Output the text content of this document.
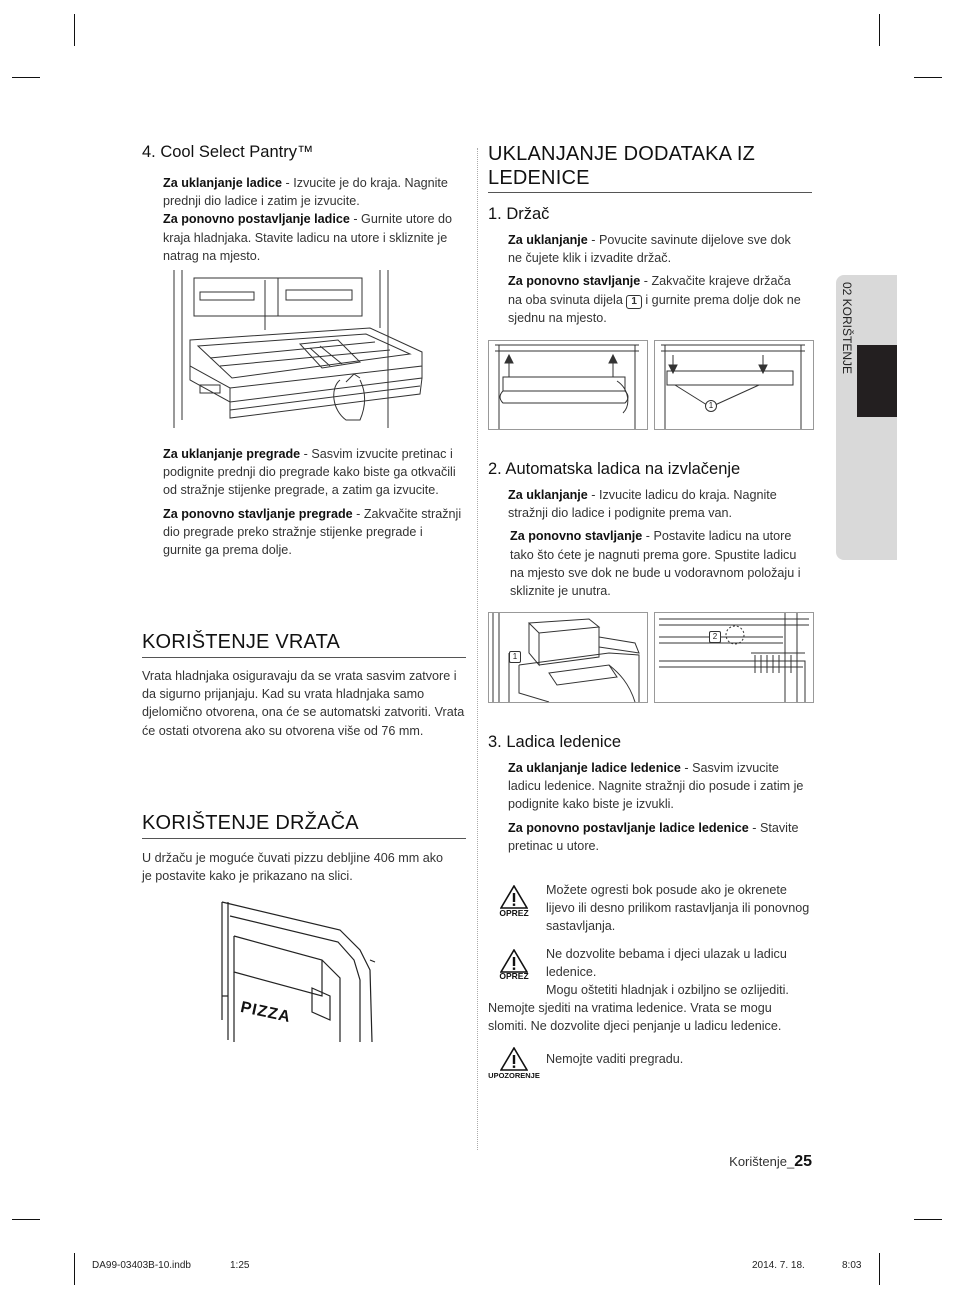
02 KORIŠTENJE
4. Cool Select Pantry™

Za uklanjanje ladice - Izvucite je do kraja. Nagnite prednji dio ladice i zatim je izvucite.

Za ponovno postavljanje ladice - Gurnite utore do kraja hladnjaka. Stavite ladicu na utore i skliznite je natrag na mjesto.

Za uklanjanje pregrade - Sasvim izvucite pretinac i podignite prednji dio pregrade kako biste ga otkvačili od stražnje stijenke pregrade, a zatim ga izvucite.

Za ponovno stavljanje pregrade - Zakvačite stražnji dio pregrade preko stražnje stijenke pregrade i gurnite ga prema dolje.

KORIŠTENJE VRATA

Vrata hladnjaka osiguravaju da se vrata sasvim zatvore i da sigurno prijanjaju. Kad su vrata hladnjaka samo djelomično otvorena, ona će se automatski zatvoriti. Vrata će ostati otvorena ako su otvorena više od 76 mm.

KORIŠTENJE DRŽAČA

U držaču je moguće čuvati pizzu debljine 406 mm ako je postavite kako je prikazano na slici.

PIZZA
UKLANJANJE DODATAKA IZ
LEDENICE
1. Držač

Za uklanjanje - Povucite savinute dijelove sve dok ne čujete klik i izvadite držač.

Za ponovno stavljanje - Zakvačite krajeve držača na oba svinuta dijela 1 i gurnite prema dolje dok ne sjednu na mjesto.

1
2. Automatska ladica na izvlačenje

Za uklanjanje - Izvucite ladicu do kraja. Nagnite stražnji dio ladice i podignite prema van.

Za ponovno stavljanje - Postavite ladicu na utore tako što ćete je nagnuti prema gore. Spustite ladicu na mjesto sve dok ne bude u vodoravnom položaju i skliznite je unutra.

1
2
3. Ladica ledenice

Za uklanjanje ladice ledenice - Sasvim izvucite ladicu ledenice. Nagnite stražnji dio posude i zatim je podignite kako biste je izvukli.

Za ponovno postavljanje ladice ledenice - Stavite pretinac u utore.

OPREZ

Možete ogresti bok posude ako je okrenete lijevo ili desno prilikom rastavljanja ili ponovnog sastavljanja.

OPREZ

Ne dozvolite bebama i djeci ulazak u ladicu ledenice.

Mogu oštetiti hladnjak i ozbiljno se ozlijediti. Nemojte sjediti na vratima ledenice. Vrata se mogu slomiti. Ne dozvolite djeci penjanje u ladicu ledenice.

UPOZORENJE

Nemojte vaditi pregradu.

Korištenje_25
DA99-03403B-10.indb	1:25	2014. 7. 18.	8:03
